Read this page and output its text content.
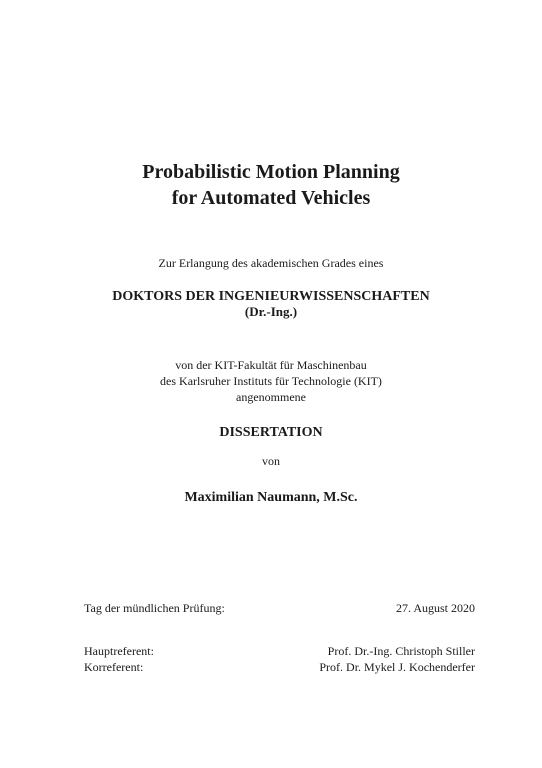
Probabilistic Motion Planning
for Automated Vehicles
Zur Erlangung des akademischen Grades eines
DOKTORS DER INGENIEURWISSENSCHAFTEN
(Dr.-Ing.)
von der KIT-Fakultät für Maschinenbau
des Karlsruher Instituts für Technologie (KIT)
angenommene
DISSERTATION
von
Maximilian Naumann, M.Sc.
Tag der mündlichen Prüfung:	27. August 2020
Hauptreferent:	Prof. Dr.-Ing. Christoph Stiller
Korreferent:	Prof. Dr. Mykel J. Kochenderfer
